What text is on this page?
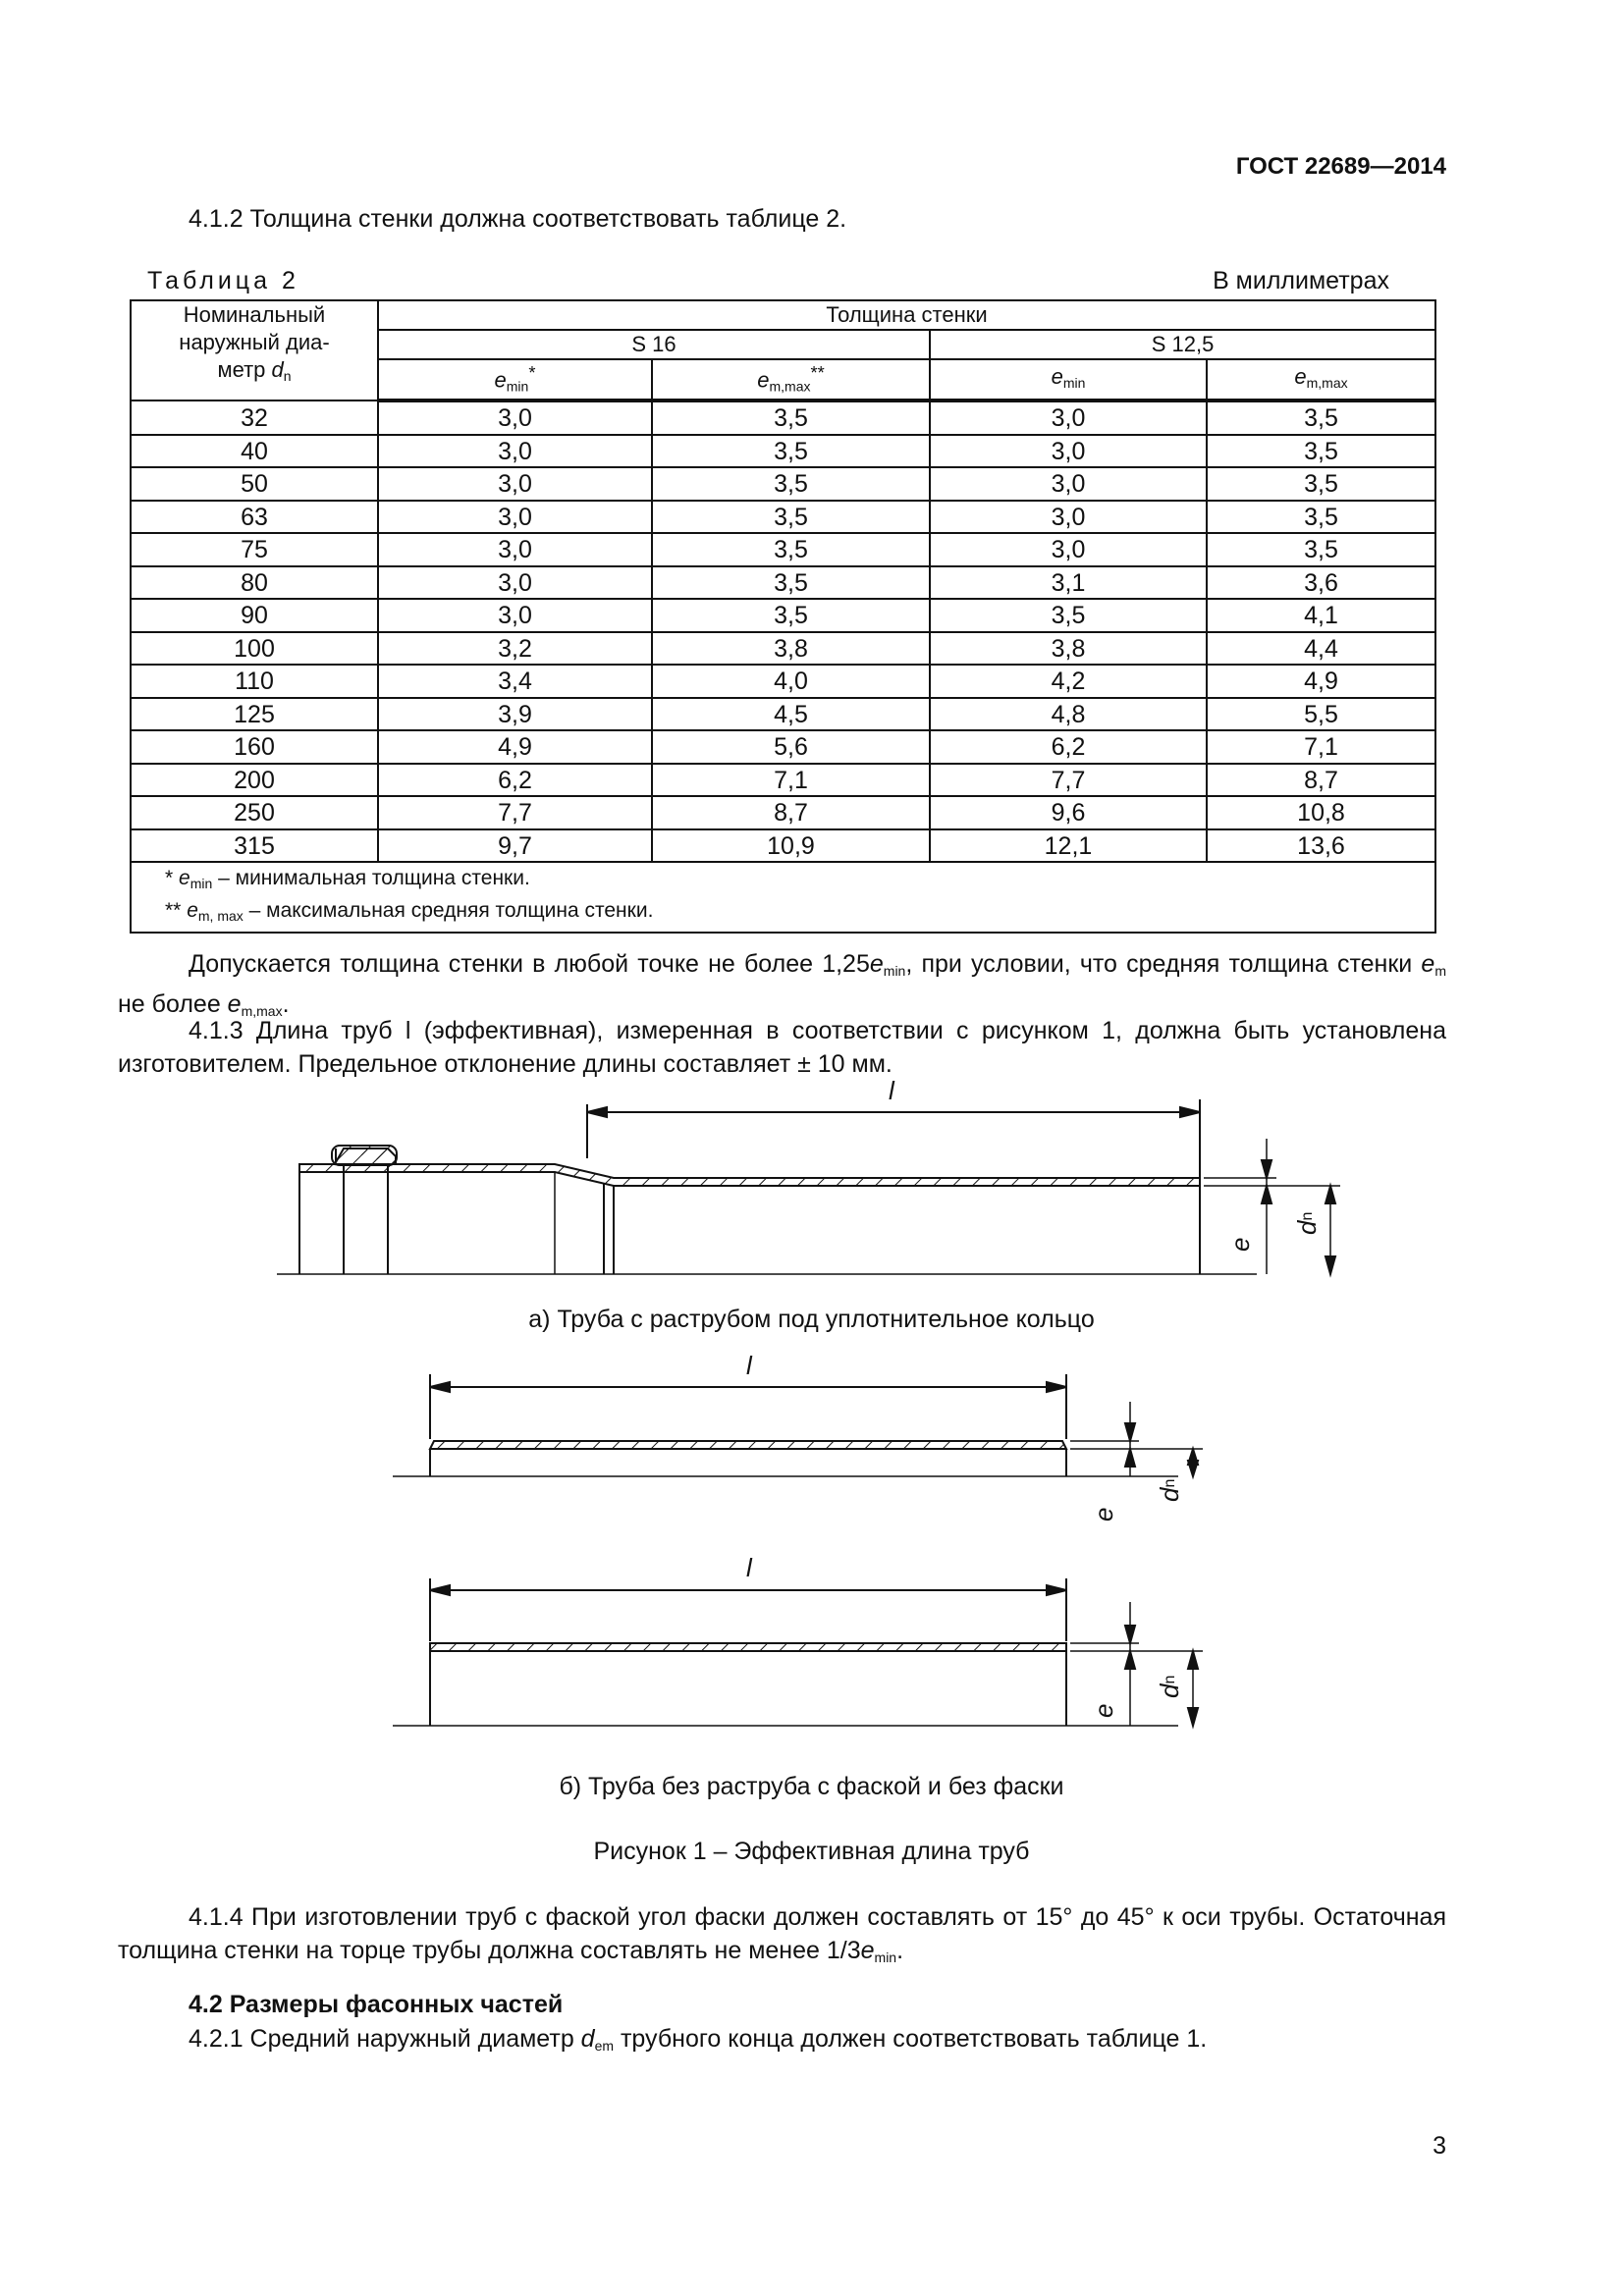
ГОСТ 22689—2014
4.1.2 Толщина стенки должна соответствовать таблице 2.
Таблица 2	В миллиметрах
Номинальный
наружный диа-
метр $d_n$	Толщина стенки			
	S 16		S 12,5	
	$e_{min}^*$	$e_{m,max}^{**}$	$e_{min}$	$e_{m,max}$
32	3,0	3,5	3,0	3,5
40	3,0	3,5	3,0	3,5
50	3,0	3,5	3,0	3,5
63	3,0	3,5	3,0	3,5
75	3,0	3,5	3,0	3,5
80	3,0	3,5	3,1	3,6
90	3,0	3,5	3,5	4,1
100	3,2	3,8	3,8	4,4
110	3,4	4,0	4,2	4,9
125	3,9	4,5	4,8	5,5
160	4,9	5,6	6,2	7,1
200	6,2	7,1	7,7	8,7
250	7,7	8,7	9,6	10,8
315	9,7	10,9	12,1	13,6

* $e_{min}$ – минимальная толщина стенки.
** $e_{m, max}$ – максимальная средняя толщина стенки.				
Допускается толщина стенки в любой точке не более $1,25e_{min}$, при условии, что средняя толщина стенки $e_m$ не более $e_{m,max}$.
4.1.3 Длина труб l (эффективная), измеренная в соответствии с рисунком 1, должна быть установлена изготовителем. Предельное отклонение длины составляет ± 10 мм.
l
l
l
e
dn
e
dn
e
dn
а) Труба с раструбом под уплотнительное кольцо
б) Труба без раструба с фаской и без фаски
Рисунок 1 – Эффективная длина труб
4.1.4 При изготовлении труб с фаской угол фаски должен составлять от 15° до 45° к оси трубы. Остаточная толщина стенки на торце трубы должна составлять не менее $1/3e_{min}$.
4.2 Размеры фасонных частей
4.2.1 Средний наружный диаметр $d_{em}$ трубного конца должен соответствовать таблице 1.
3
